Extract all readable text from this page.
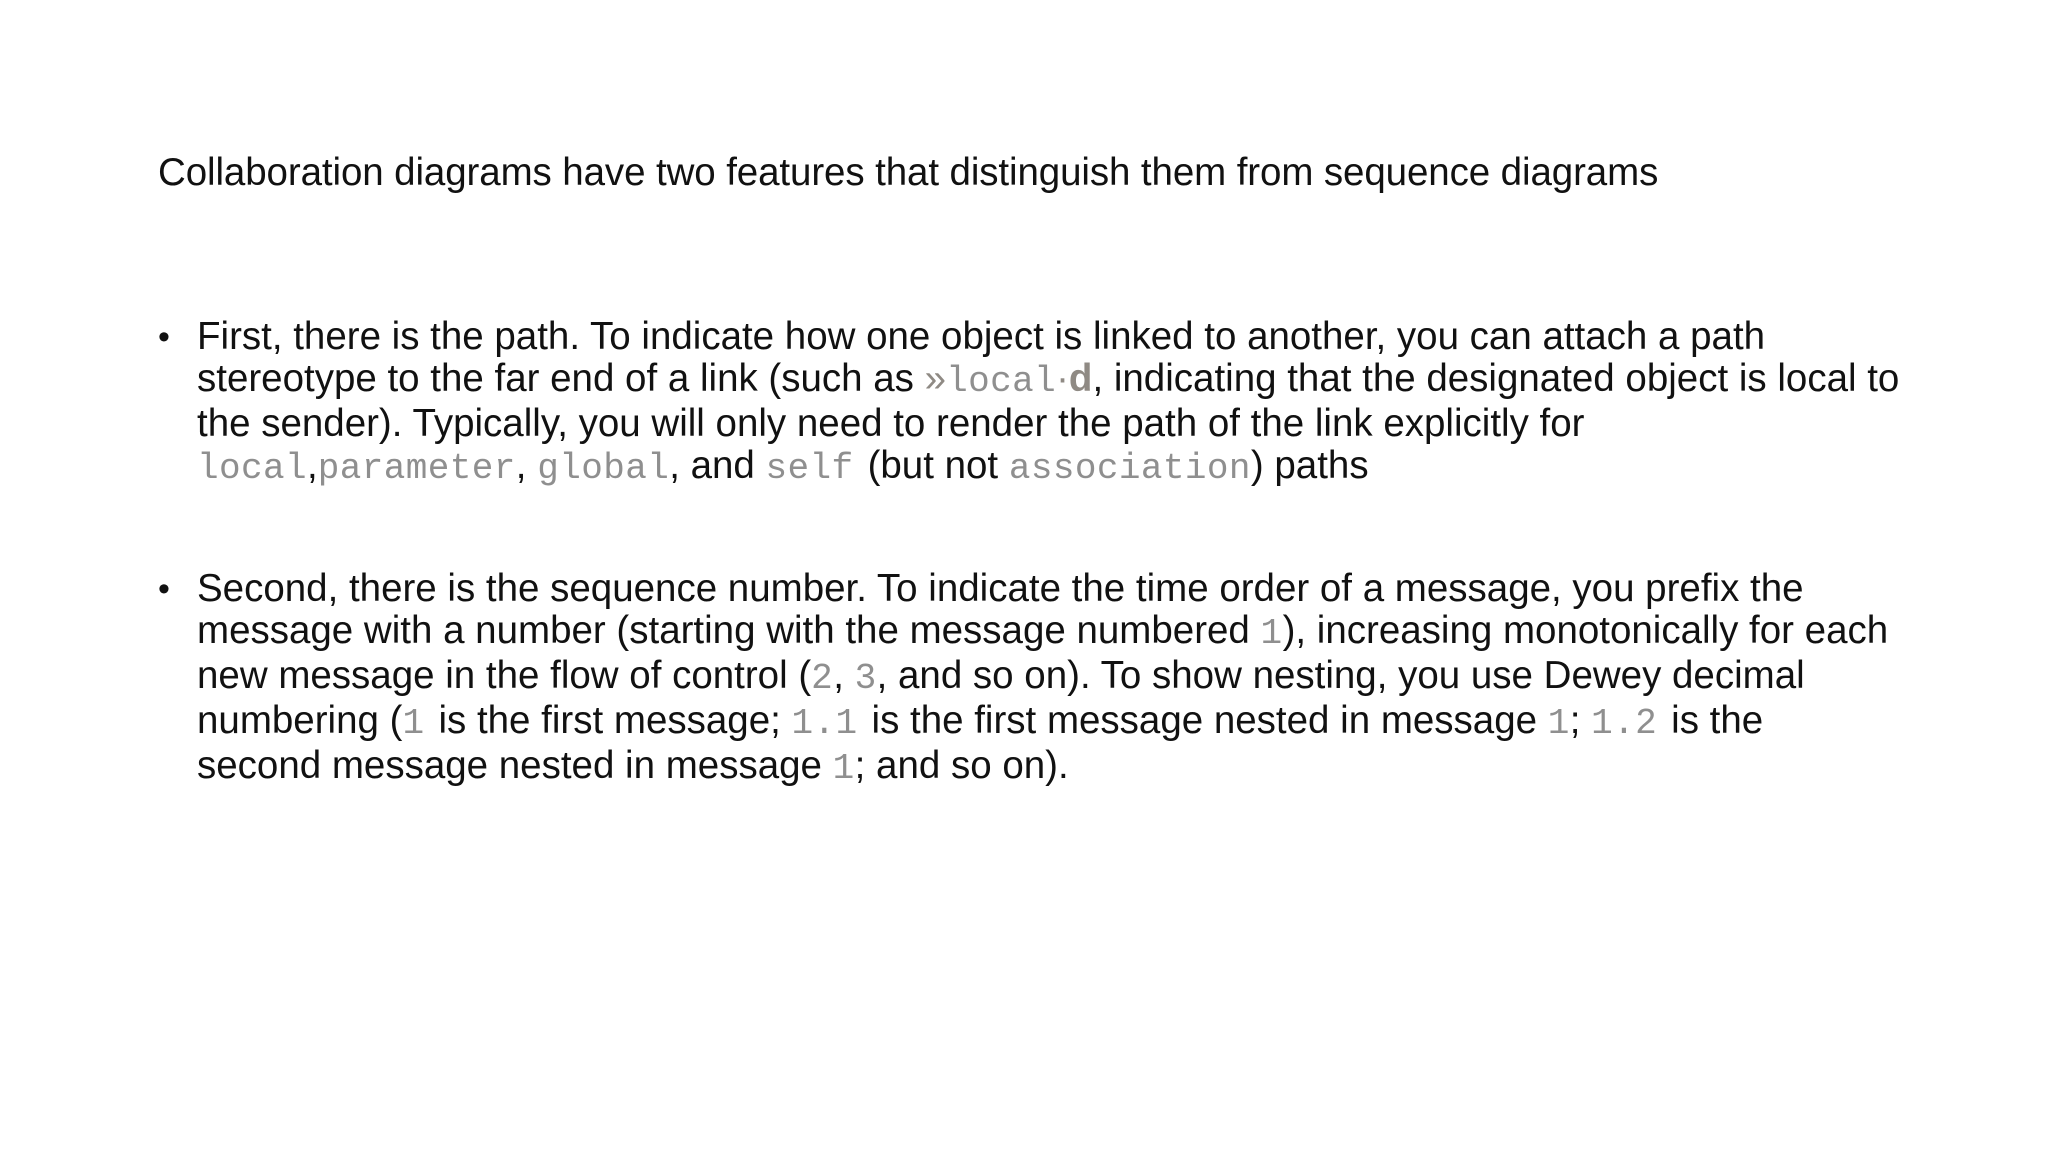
Collaboration diagrams have two features that distinguish them from sequence diagrams
• First, there is the path. To indicate how one object is linked to another, you can attach a path
stereotype to the far end of a link (such as »local·d, indicating that the designated object is local to
the sender). Typically, you will only need to render the path of the link explicitly for
local,parameter, global, and self (but not association) paths
• Second, there is the sequence number. To indicate the time order of a message, you prefix the
message with a number (starting with the message numbered 1), increasing monotonically for each
new message in the flow of control (2, 3, and so on). To show nesting, you use Dewey decimal
numbering (1 is the first message; 1.1 is the first message nested in message 1; 1.2 is the
second message nested in message 1; and so on).
